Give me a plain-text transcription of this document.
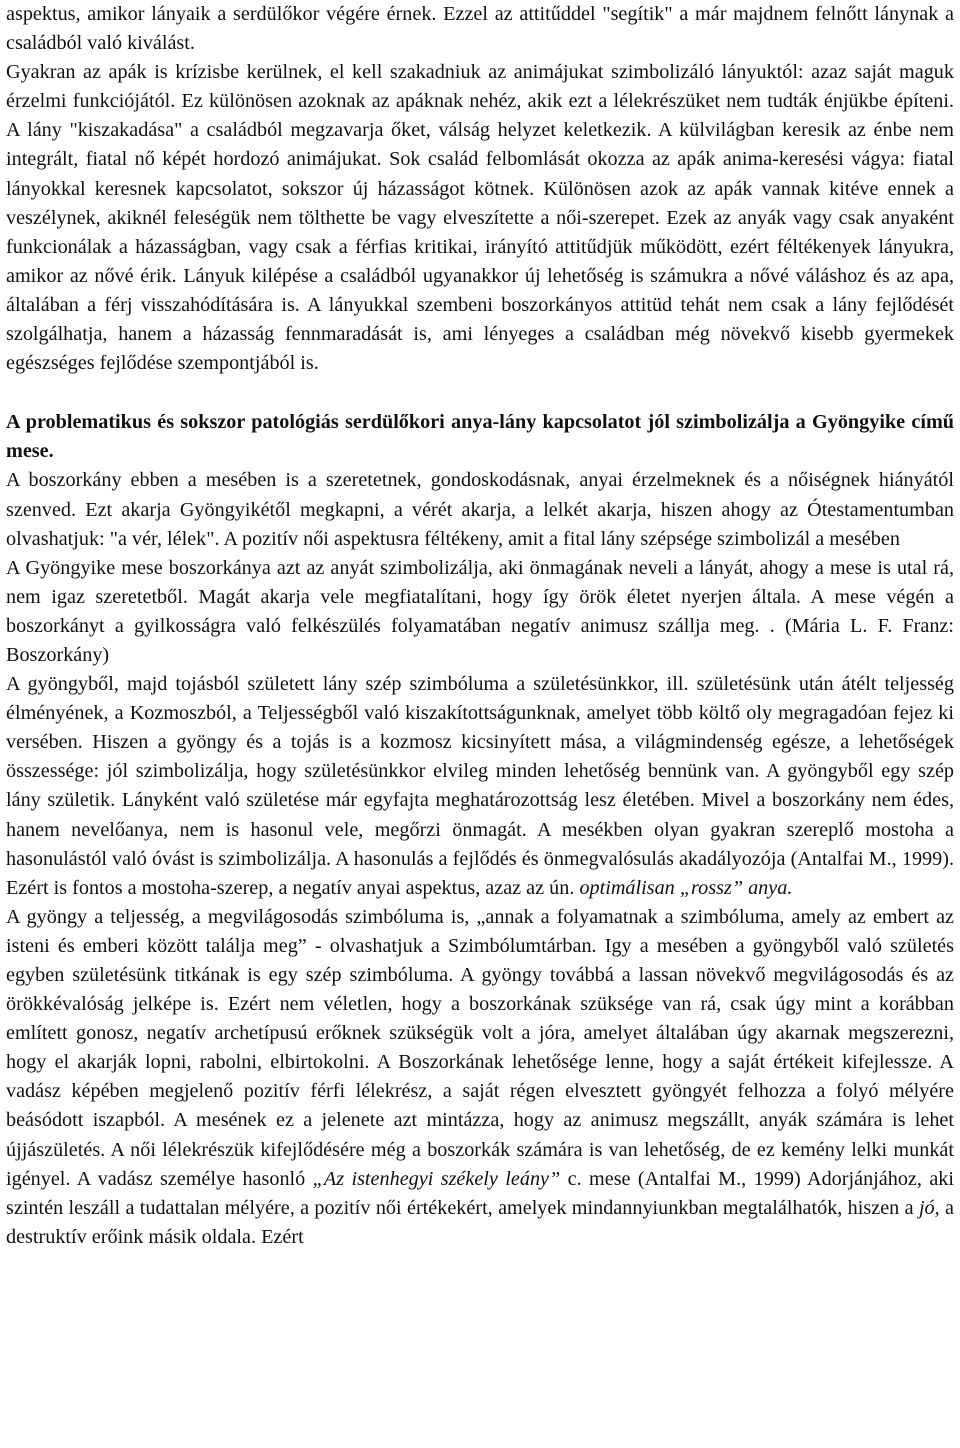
aspektus, amikor lányaik a serdülőkor végére érnek. Ezzel az attitűddel "segítik" a már majdnem felnőtt lánynak a családból való kiválást.

Gyakran az apák is krízisbe kerülnek, el kell szakadniuk az animájukat szimbolizáló lányuktól: azaz saját maguk érzelmi funkciójától. Ez különösen azoknak az apáknak nehéz, akik ezt a lélekrészüket nem tudták énjükbe építeni. A lány "kiszakadása" a családból megzavarja őket, válság helyzet keletkezik. A külvilágban keresik az énbe nem integrált, fiatal nő képét hordozó animájukat. Sok család felbomlását okozza az apák anima-keresési vágya: fiatal lányokkal keresnek kapcsolatot, sokszor új házasságot kötnek. Különösen azok az apák vannak kitéve ennek a veszélynek, akiknél feleségük nem tölthette be vagy elveszítette a női-szerepet. Ezek az anyák vagy csak anyaként funkcionálak a házasságban, vagy csak a férfias kritikai, irányító attitűdjük működött, ezért féltékenyek lányukra, amikor az nővé érik. Lányuk kilépése a családból ugyanakkor új lehetőség is számukra a nővé váláshoz és az apa, általában a férj visszahódítására is. A lányukkal szembeni boszorkányos attitüd tehát nem csak a lány fejlődését szolgálhatja, hanem a házasság fennmaradását is, ami lényeges a családban még növekvő kisebb gyermekek egészséges fejlődése szempontjából is.

A problematikus és sokszor patológiás serdülőkori anya-lány kapcsolatot jól szimbolizálja a Gyöngyike című mese.

A boszorkány ebben a mesében is a szeretetnek, gondoskodásnak, anyai érzelmeknek és a nőiségnek hiányától szenved. Ezt akarja Gyöngyikétől megkapni, a vérét akarja, a lelkét akarja, hiszen ahogy az Ótestamentumban olvashatjuk: "a vér, lélek". A pozitív női aspektusra féltékeny, amit a fital lány szépsége szimbolizál a mesében

A Gyöngyike mese boszorkánya azt az anyát szimbolizálja, aki önmagának neveli a lányát, ahogy a mese is utal rá, nem igaz szeretetből. Magát akarja vele megfiatalítani, hogy így örök életet nyerjen általa. A mese végén a boszorkányt a gyilkosságra való felkészülés folyamatában negatív animusz szállja meg. . (Mária L. F. Franz: Boszorkány)

A gyöngyből, majd tojásból született lány szép szimbóluma a születésünkkor, ill. születésünk után átélt teljesség élményének, a Kozmoszból, a Teljességből való kiszakítottságunknak, amelyet több költő oly megragadóan fejez ki versében. Hiszen a gyöngy és a tojás is a kozmosz kicsinyített mása, a világmindenség egésze, a lehetőségek összessége: jól szimbolizálja, hogy születésünkkor elvileg minden lehetőség bennünk van. A gyöngyből egy szép lány születik. Lányként való születése már egyfajta meghatározottság lesz életében. Mivel a boszorkány nem édes, hanem nevelőanya, nem is hasonul vele, megőrzi önmagát. A mesékben olyan gyakran szereplő mostoha a hasonulástól való óvást is szimbolizálja. A hasonulás a fejlődés és önmegvalósulás akadályozója (Antalfai M., 1999). Ezért is fontos a mostoha-szerep, a negatív anyai aspektus, azaz az ún. optimálisan „rossz” anya.

A gyöngy a teljesség, a megvilágosodás szimbóluma is, „annak a folyamatnak a szimbóluma, amely az embert az isteni és emberi között találja meg” - olvashatjuk a Szimbólumtárban. Igy a mesében a gyöngyből való születés egyben születésünk titkának is egy szép szimbóluma. A gyöngy továbbá a lassan növekvő megvilágosodás és az örökkévalóság jelképe is. Ezért nem véletlen, hogy a boszorkának szüksége van rá, csak úgy mint a korábban említett gonosz, negatív archetípusú erőknek szükségük volt a jóra, amelyet általában úgy akarnak megszerezni, hogy el akarják lopni, rabolni, elbirtokolni. A Boszorkának lehetősége lenne, hogy a saját értékeit kifejlessze. A vadász képében megjelenő pozitív férfi lélekrész, a saját régen elvesztett gyöngyét felhozza a folyó mélyére beásódott iszapból. A mesének ez a jelenete azt mintázza, hogy az animusz megszállt, anyák számára is lehet újjászületés. A női lélekrészük kifejlődésére még a boszorkák számára is van lehetőség, de ez kemény lelki munkát igényel. A vadász személye hasonló „Az istenhegyi székely leány” c. mese (Antalfai M., 1999) Adorjánjához, aki szintén leszáll a tudattalan mélyére, a pozitív női értékekért, amelyek mindannyiunkban megtalálhatók, hiszen a jó, a destruktív erőink másik oldala. Ezért
